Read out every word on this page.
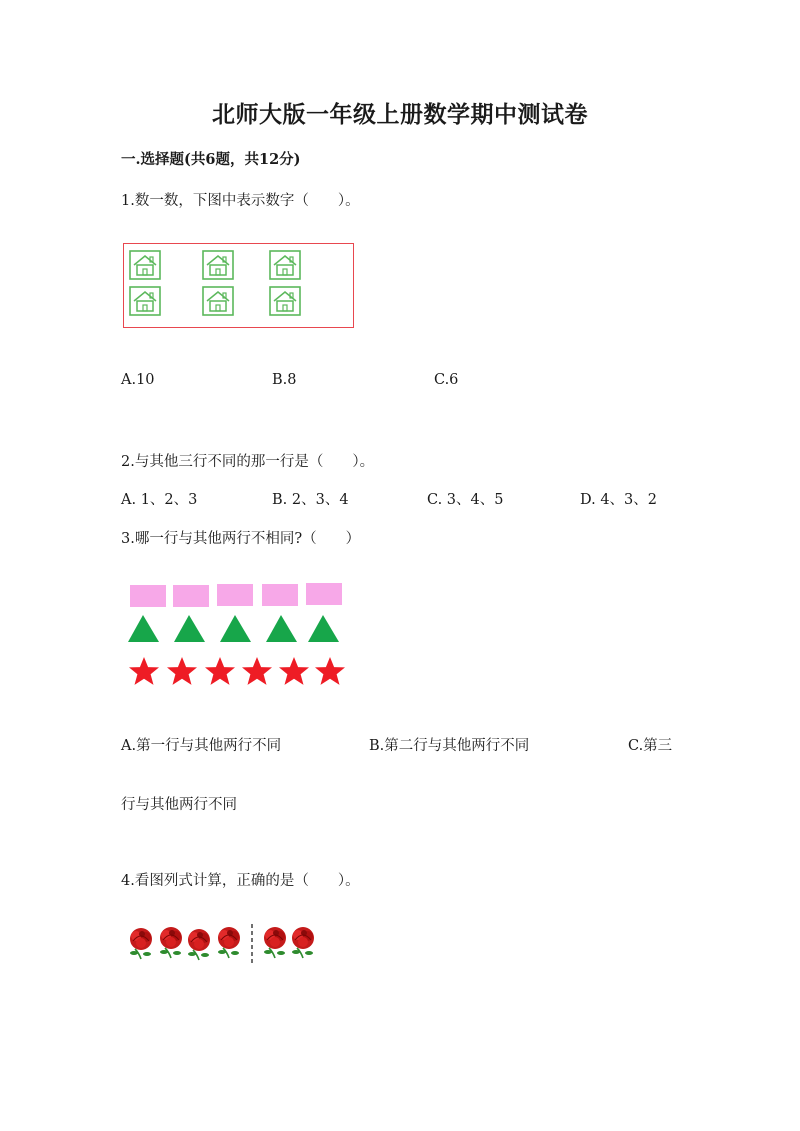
北师大版一年级上册数学期中测试卷
一.选择题(共6题，共12分)
1.数一数，下图中表示数字（　　）。
A.10	B.8	C.6
2.与其他三行不同的那一行是（　　）。
A. 1、2、3	B. 2、3、4	C. 3、4、5	D. 4、3、2
3.哪一行与其他两行不相同?（　　）
A.第一行与其他两行不同	B.第二行与其他两行不同	C.第三
行与其他两行不同
4.看图列式计算，正确的是（　　）。
